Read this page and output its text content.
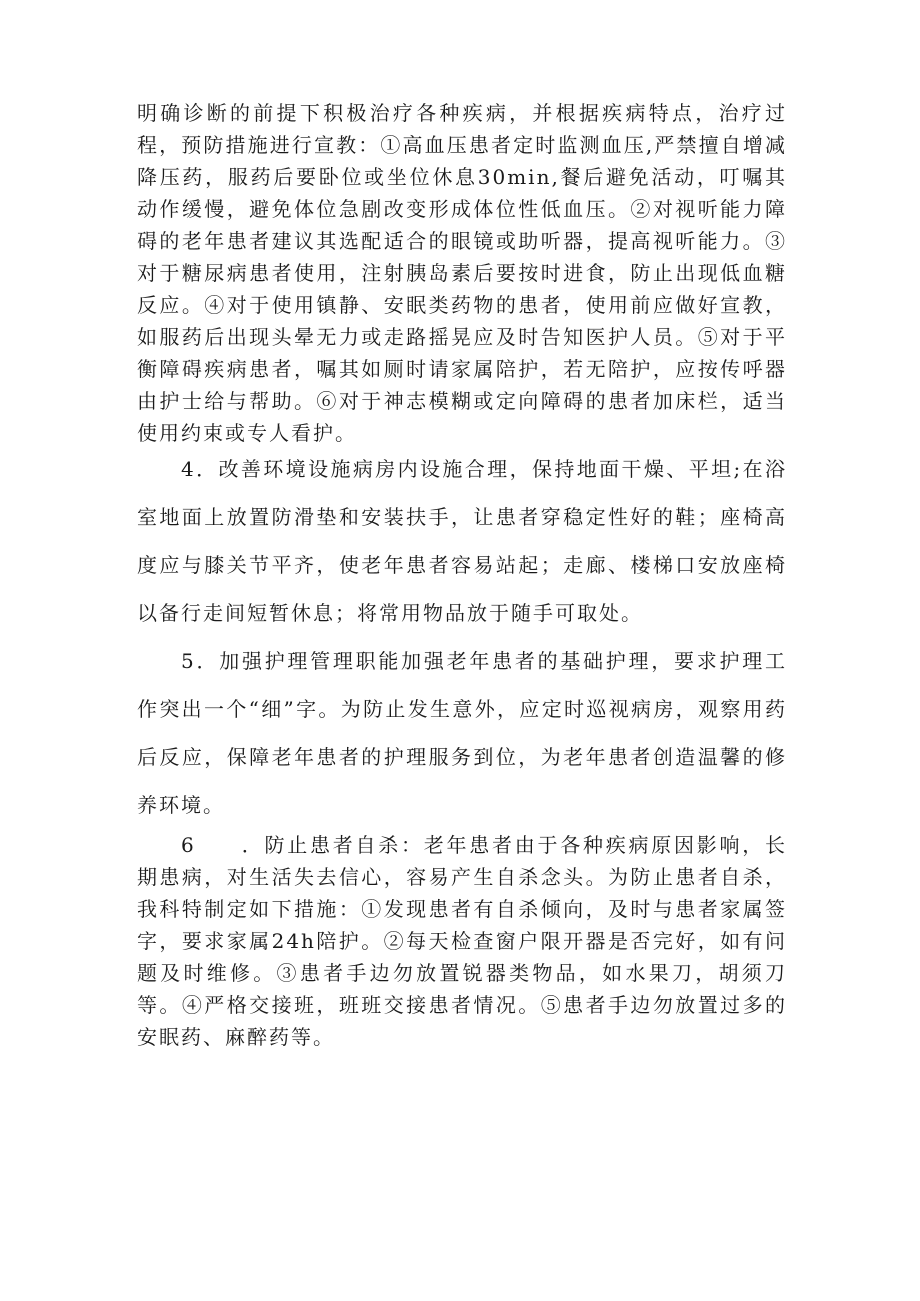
明确诊断的前提下积极治疗各种疾病，并根据疾病特点，治疗过程，预防措施进行宣教：①高血压患者定时监测血压,严禁擅自增减降压药，服药后要卧位或坐位休息30min,餐后避免活动，叮嘱其动作缓慢，避免体位急剧改变形成体位性低血压。②对视听能力障碍的老年患者建议其选配适合的眼镜或助听器，提高视听能力。③对于糖尿病患者使用，注射胰岛素后要按时进食，防止出现低血糖反应。④对于使用镇静、安眠类药物的患者，使用前应做好宣教，如服药后出现头晕无力或走路摇晃应及时告知医护人员。⑤对于平衡障碍疾病患者，嘱其如厕时请家属陪护，若无陪护，应按传呼器由护士给与帮助。⑥对于神志模糊或定向障碍的患者加床栏，适当使用约束或专人看护。

4．改善环境设施病房内设施合理，保持地面干燥、平坦;在浴室地面上放置防滑垫和安装扶手，让患者穿稳定性好的鞋；座椅高度应与膝关节平齐，使老年患者容易站起；走廊、楼梯口安放座椅以备行走间短暂休息；将常用物品放于随手可取处。

5．加强护理管理职能加强老年患者的基础护理，要求护理工作突出一个“细”字。为防止发生意外，应定时巡视病房，观察用药后反应，保障老年患者的护理服务到位，为老年患者创造温馨的修养环境。

6 ．防止患者自杀：老年患者由于各种疾病原因影响，长期患病，对生活失去信心，容易产生自杀念头。为防止患者自杀，我科特制定如下措施：①发现患者有自杀倾向，及时与患者家属签字，要求家属24h陪护。②每天检查窗户限开器是否完好，如有问题及时维修。③患者手边勿放置锐器类物品，如水果刀，胡须刀等。④严格交接班，班班交接患者情况。⑤患者手边勿放置过多的安眠药、麻醉药等。
